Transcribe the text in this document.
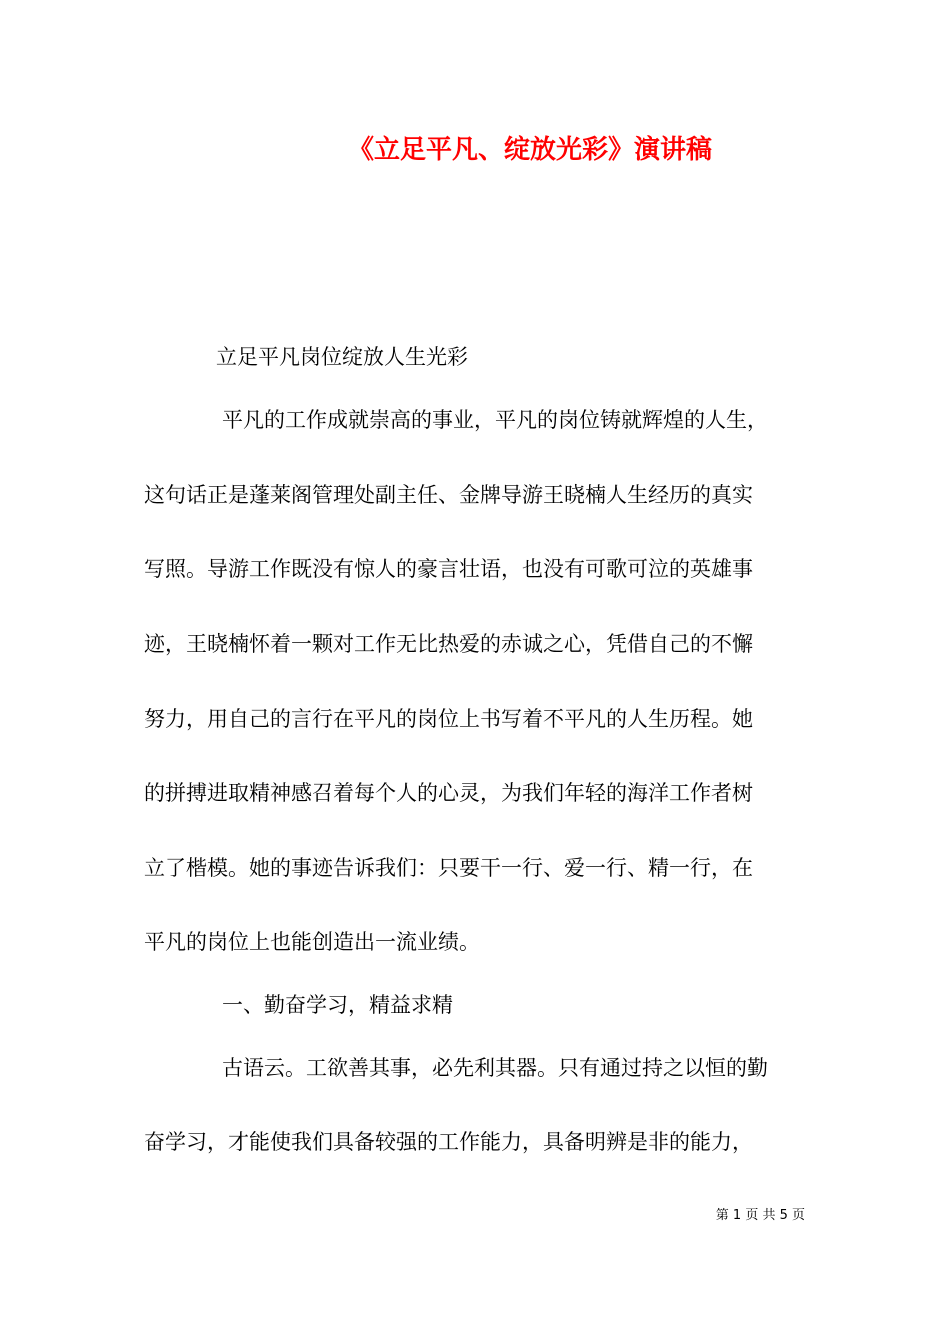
《立足平凡、绽放光彩》演讲稿
立足平凡岗位绽放人生光彩
平凡的工作成就崇高的事业，平凡的岗位铸就辉煌的人生，
这句话正是蓬莱阁管理处副主任、金牌导游王晓楠人生经历的真实
写照。导游工作既没有惊人的豪言壮语，也没有可歌可泣的英雄事
迹，王晓楠怀着一颗对工作无比热爱的赤诚之心，凭借自己的不懈
努力，用自己的言行在平凡的岗位上书写着不平凡的人生历程。她
的拼搏进取精神感召着每个人的心灵，为我们年轻的海洋工作者树
立了楷模。她的事迹告诉我们：只要干一行、爱一行、精一行，在
平凡的岗位上也能创造出一流业绩。
一、勤奋学习，精益求精
古语云。工欲善其事，必先利其器。只有通过持之以恒的勤
奋学习，才能使我们具备较强的工作能力，具备明辨是非的能力，
第 1 页 共 5 页
